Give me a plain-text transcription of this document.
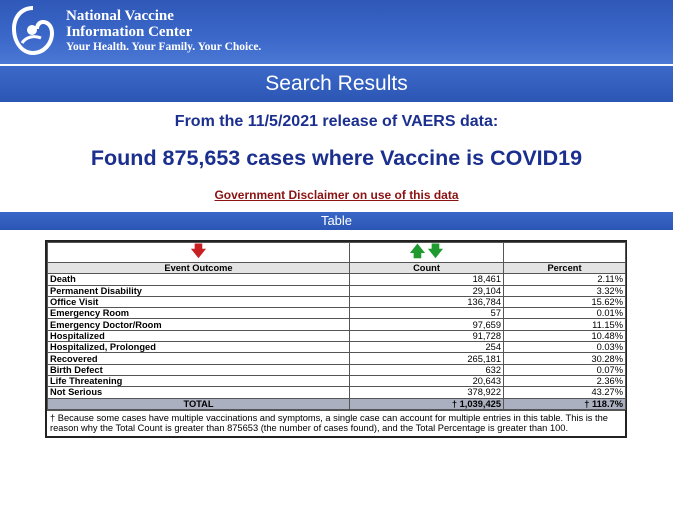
National Vaccine
Information Center
Your Health. Your Family. Your Choice.
Search Results
From the 11/5/2021 release of VAERS data:
Found 875,653 cases where Vaccine is COVID19
Government Disclaimer on use of this data
Table
🡇	🡅 🡇	
Event Outcome	Count	Percent
Death	18,461	2.11%
Permanent Disability	29,104	3.32%
Office Visit	136,784	15.62%
Emergency Room	57	0.01%
Emergency Doctor/Room	97,659	11.15%
Hospitalized	91,728	10.48%
Hospitalized, Prolonged	254	0.03%
Recovered	265,181	30.28%
Birth Defect	632	0.07%
Life Threatening	20,643	2.36%
Not Serious	378,922	43.27%
TOTAL	† 1,039,425	† 118.7%
† Because some cases have multiple vaccinations and symptoms, a single case can account for multiple entries in this table. This is the reason why the Total Count is greater than 875653 (the number of cases found), and the Total Percentage is greater than 100.
